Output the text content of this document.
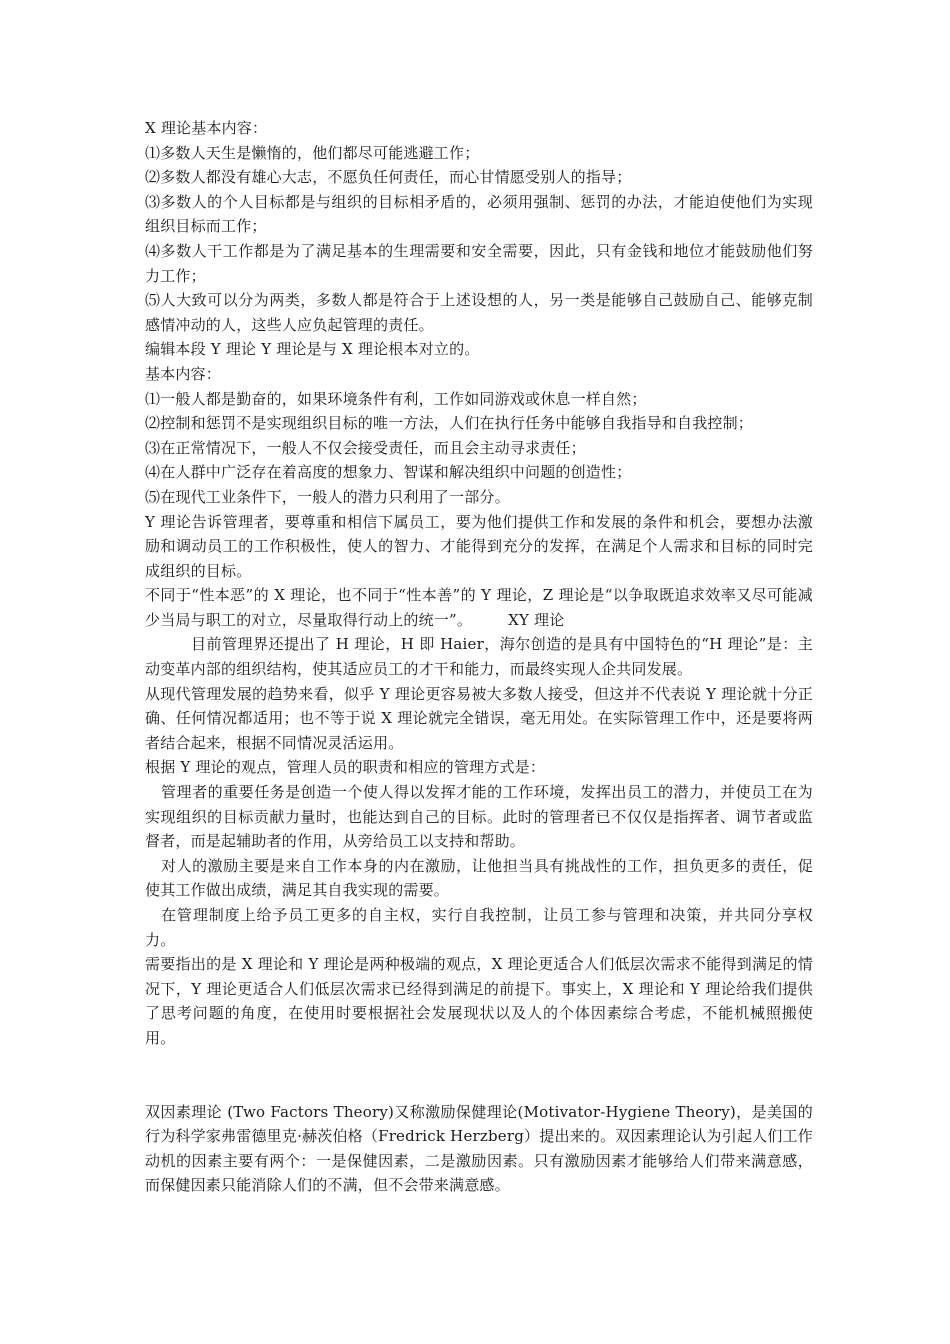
X 理论基本内容：

⑴多数人天生是懒惰的，他们都尽可能逃避工作；

⑵多数人都没有雄心大志，不愿负任何责任，而心甘情愿受别人的指导；

⑶多数人的个人目标都是与组织的目标相矛盾的，必须用强制、惩罚的办法，才能迫使他们为实现组织目标而工作；

⑷多数人干工作都是为了满足基本的生理需要和安全需要，因此，只有金钱和地位才能鼓励他们努力工作；

⑸人大致可以分为两类，多数人都是符合于上述设想的人，另一类是能够自己鼓励自己、能够克制感情冲动的人，这些人应负起管理的责任。

编辑本段 Y 理论 Y 理论是与 X 理论根本对立的。

基本内容：

⑴一般人都是勤奋的，如果环境条件有利，工作如同游戏或休息一样自然；

⑵控制和惩罚不是实现组织目标的唯一方法，人们在执行任务中能够自我指导和自我控制；

⑶在正常情况下，一般人不仅会接受责任，而且会主动寻求责任；

⑷在人群中广泛存在着高度的想象力、智谋和解决组织中问题的创造性；

⑸在现代工业条件下，一般人的潜力只利用了一部分。

Y 理论告诉管理者，要尊重和相信下属员工，要为他们提供工作和发展的条件和机会，要想办法激励和调动员工的工作积极性，使人的智力、才能得到充分的发挥，在满足个人需求和目标的同时完成组织的目标。

不同于“性本恶”的 X 理论，也不同于“性本善”的 Y 理论，Z 理论是“以争取既追求效率又尽可能减少当局与职工的对立，尽量取得行动上的统一”。 XY 理论

目前管理界还提出了 H 理论，H 即 Haier，海尔创造的是具有中国特色的“H 理论”是：主动变革内部的组织结构，使其适应员工的才干和能力，而最终实现人企共同发展。

从现代管理发展的趋势来看，似乎 Y 理论更容易被大多数人接受，但这并不代表说 Y 理论就十分正确、任何情况都适用；也不等于说 X 理论就完全错误，毫无用处。在实际管理工作中，还是要将两者结合起来，根据不同情况灵活运用。

根据 Y 理论的观点，管理人员的职责和相应的管理方式是：

管理者的重要任务是创造一个使人得以发挥才能的工作环境，发挥出员工的潜力，并使员工在为实现组织的目标贡献力量时，也能达到自己的目标。此时的管理者已不仅仅是指挥者、调节者或监督者，而是起辅助者的作用，从旁给员工以支持和帮助。

对人的激励主要是来自工作本身的内在激励，让他担当具有挑战性的工作，担负更多的责任，促使其工作做出成绩，满足其自我实现的需要。

在管理制度上给予员工更多的自主权，实行自我控制，让员工参与管理和决策，并共同分享权力。

需要指出的是 X 理论和 Y 理论是两种极端的观点，X 理论更适合人们低层次需求不能得到满足的情况下，Y 理论更适合人们低层次需求已经得到满足的前提下。事实上，X 理论和 Y 理论给我们提供了思考问题的角度，在使用时要根据社会发展现状以及人的个体因素综合考虑，不能机械照搬使用。

双因素理论 (Two Factors Theory)又称激励保健理论(Motivator-Hygiene Theory)，是美国的行为科学家弗雷德里克·赫茨伯格（Fredrick Herzberg）提出来的。双因素理论认为引起人们工作动机的因素主要有两个：一是保健因素，二是激励因素。只有激励因素才能够给人们带来满意感，而保健因素只能消除人们的不满，但不会带来满意感。
